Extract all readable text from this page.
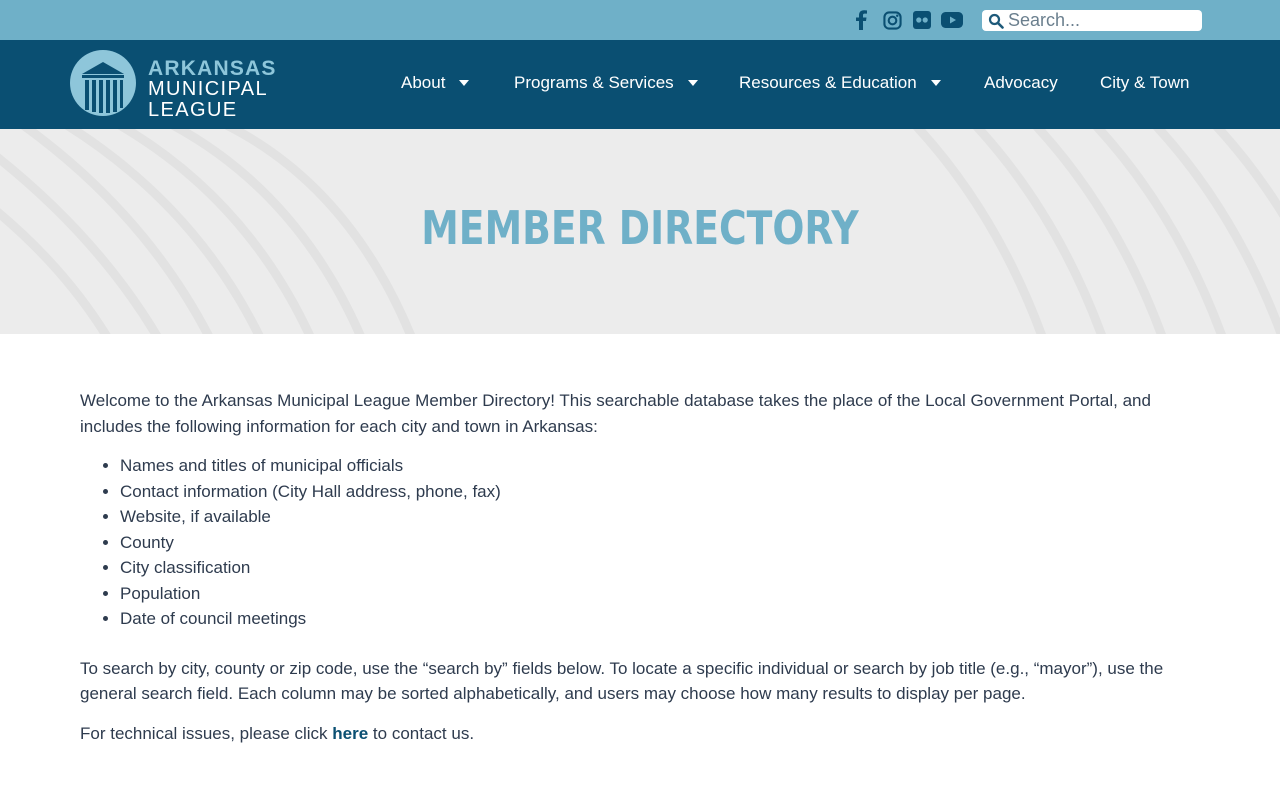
Search...
ARKANSAS
MUNICIPAL
LEAGUE
About	Programs & Services	Resources & Education	Advocacy City & Town
MEMBER DIRECTORY

Welcome to the Arkansas Municipal League Member Directory! This searchable database takes the place of the Local Government Portal, and includes the following information for each city and town in Arkansas:

• Names and titles of municipal officials
• Contact information (City Hall address, phone, fax)
• Website, if available
• County
• City classification
• Population
• Date of council meetings

To search by city, county or zip code, use the “search by” fields below. To locate a specific individual or search by job title (e.g., “mayor”), use the general search field. Each column may be sorted alphabetically, and users may choose how many results to display per page.

For technical issues, please click here to contact us.
